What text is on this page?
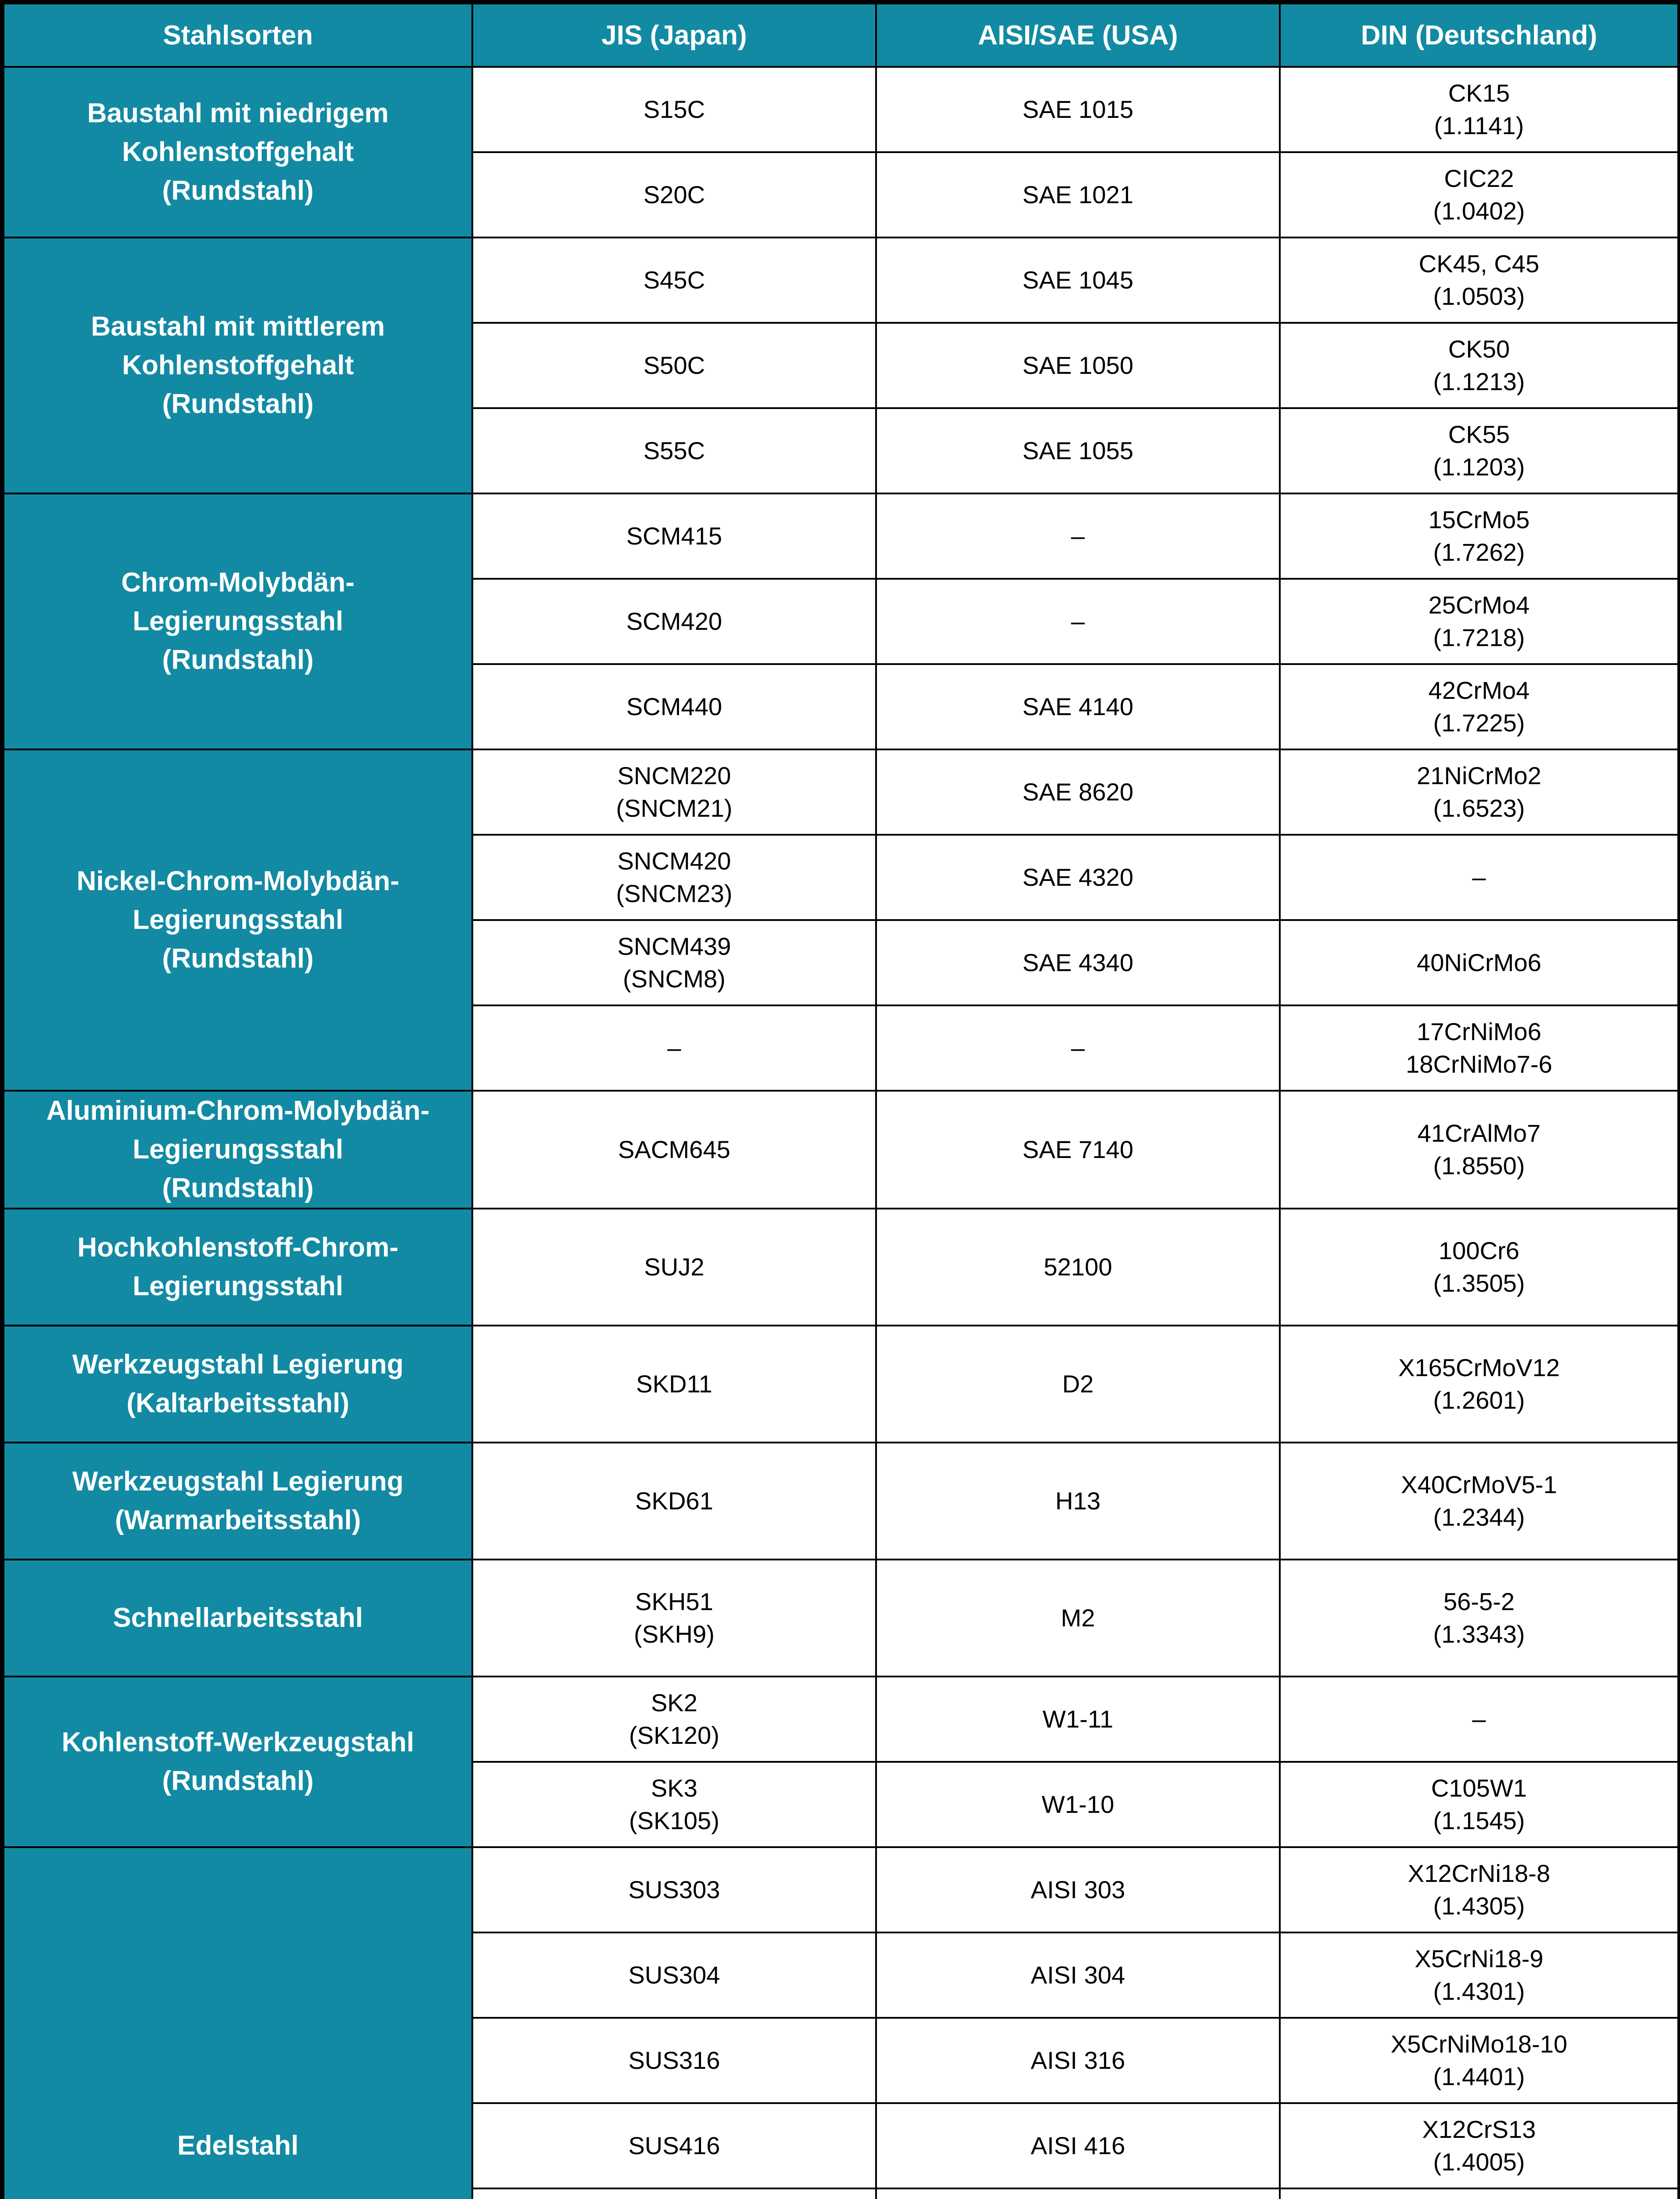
Stahlsorten	JIS (Japan)	AISI/SAE (USA)	DIN (Deutschland)

Baustahl mit niedrigem
Kohlenstoffgehalt
(Rundstahl)	S15C	SAE 1015	CK15
(1.1141)

	S20C	SAE 1021	CIC22
(1.0402)

Baustahl mit mittlerem
Kohlenstoffgehalt
(Rundstahl)	S45C	SAE 1045	CK45, C45
(1.0503)

	S50C	SAE 1050	CK50
(1.1213)

	S55C	SAE 1055	CK55
(1.1203)

Chrom-Molybdän-
Legierungsstahl
(Rundstahl)	SCM415	–	15CrMo5
(1.7262)

	SCM420	–	25CrMo4
(1.7218)

	SCM440	SAE 4140	42CrMo4
(1.7225)

Nickel-Chrom-Molybdän-
Legierungsstahl
(Rundstahl)	SNCM220
(SNCM21)	SAE 8620	21NiCrMo2
(1.6523)

	SNCM420
(SNCM23)	SAE 4320	–

	SNCM439
(SNCM8)	SAE 4340	40NiCrMo6

	–	–	17CrNiMo6
18CrNiMo7-6

Aluminium-Chrom-Molybdän-
Legierungsstahl
(Rundstahl)	SACM645	SAE 7140	41CrAlMo7
(1.8550)

Hochkohlenstoff-Chrom-
Legierungsstahl	SUJ2	52100	100Cr6
(1.3505)

Werkzeugstahl Legierung
(Kaltarbeitsstahl)	SKD11	D2	X165CrMoV12
(1.2601)

Werkzeugstahl Legierung
(Warmarbeitsstahl)	SKD61	H13	X40CrMoV5-1
(1.2344)

Schnellarbeitsstahl	SKH51
(SKH9)	M2	56-5-2
(1.3343)

Kohlenstoff-Werkzeugstahl
(Rundstahl)	SK2
(SK120)	W1-11	–

	SK3
(SK105)	W1-10	C105W1
(1.1545)

Edelstahl	SUS303	AISI 303	X12CrNi18-8
(1.4305)

	SUS304	AISI 304	X5CrNi18-9
(1.4301)

	SUS316	AISI 316	X5CrNiMo18-10
(1.4401)

	SUS416	AISI 416	X12CrS13
(1.4005)
